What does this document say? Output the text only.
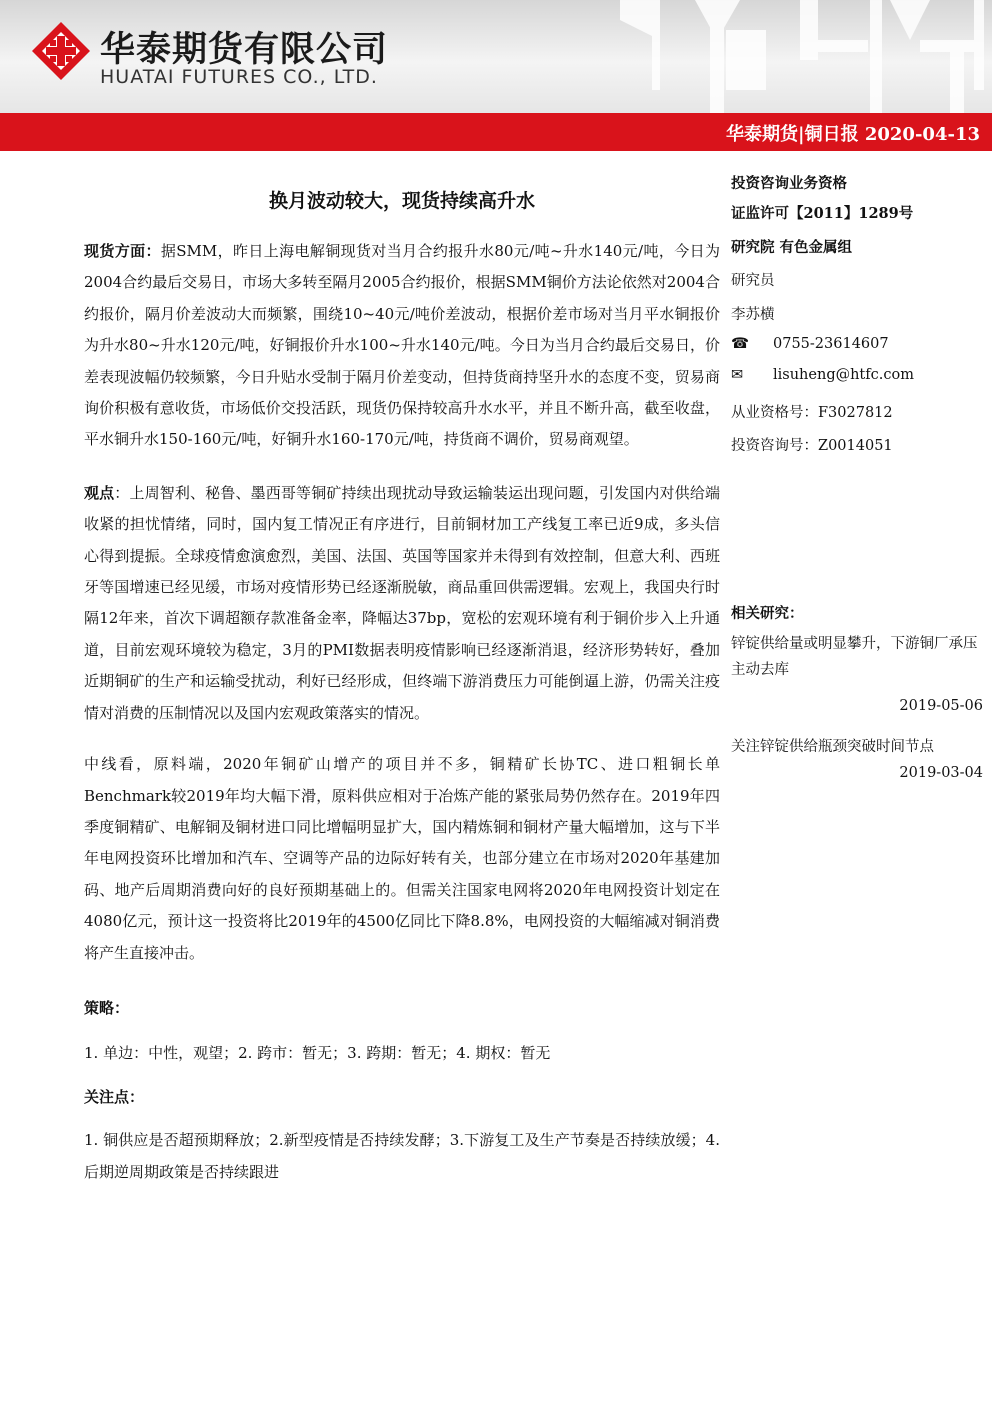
华泰期货有限公司
HUATAI FUTURES CO., LTD.
华泰期货|铜日报 2020-04-13
换月波动较大，现货持续高升水

现货方面：据SMM，昨日上海电解铜现货对当月合约报升水80元/吨~升水140元/吨，今日为2004合约最后交易日，市场大多转至隔月2005合约报价，根据SMM铜价方法论依然对2004合约报价，隔月价差波动大而频繁，围绕10~40元/吨价差波动，根据价差市场对当月平水铜报价为升水80~升水120元/吨，好铜报价升水100~升水140元/吨。今日为当月合约最后交易日，价差表现波幅仍较频繁，今日升贴水受制于隔月价差变动，但持货商持坚升水的态度不变，贸易商询价积极有意收货，市场低价交投活跃，现货仍保持较高升水水平，并且不断升高，截至收盘，平水铜升水150-160元/吨，好铜升水160-170元/吨，持货商不调价，贸易商观望。

观点：上周智利、秘鲁、墨西哥等铜矿持续出现扰动导致运输装运出现问题，引发国内对供给端收紧的担忧情绪，同时，国内复工情况正有序进行，目前铜材加工产线复工率已近9成，多头信心得到提振。全球疫情愈演愈烈，美国、法国、英国等国家并未得到有效控制，但意大利、西班牙等国增速已经见缓，市场对疫情形势已经逐渐脱敏，商品重回供需逻辑。宏观上，我国央行时隔12年来，首次下调超额存款准备金率，降幅达37bp，宽松的宏观环境有利于铜价步入上升通道，目前宏观环境较为稳定，3月的PMI数据表明疫情影响已经逐渐消退，经济形势转好，叠加近期铜矿的生产和运输受扰动，利好已经形成，但终端下游消费压力可能倒逼上游，仍需关注疫情对消费的压制情况以及国内宏观政策落实的情况。

中线看，原料端，2020年铜矿山增产的项目并不多，铜精矿长协TC、进口粗铜长单Benchmark较2019年均大幅下滑，原料供应相对于冶炼产能的紧张局势仍然存在。2019年四季度铜精矿、电解铜及铜材进口同比增幅明显扩大，国内精炼铜和铜材产量大幅增加，这与下半年电网投资环比增加和汽车、空调等产品的边际好转有关，也部分建立在市场对2020年基建加码、地产后周期消费向好的良好预期基础上的。但需关注国家电网将2020年电网投资计划定在4080亿元，预计这一投资将比2019年的4500亿同比下降8.8%，电网投资的大幅缩减对铜消费将产生直接冲击。

策略：

1. 单边：中性，观望；2. 跨市：暂无；3. 跨期：暂无；4. 期权：暂无

关注点：

1. 铜供应是否超预期释放；2.新型疫情是否持续发酵；3.下游复工及生产节奏是否持续放缓；4. 后期逆周期政策是否持续跟进

投资咨询业务资格
证监许可【2011】1289号
研究院 有色金属组
研究员
李苏横
☎ 0755-23614607
✉ lisuheng@htfc.com
从业资格号：F3027812
投资咨询号：Z0014051
相关研究：
锌锭供给量或明显攀升，下游铜厂承压主动去库
2019-05-06
关注锌锭供给瓶颈突破时间节点
2019-03-04
